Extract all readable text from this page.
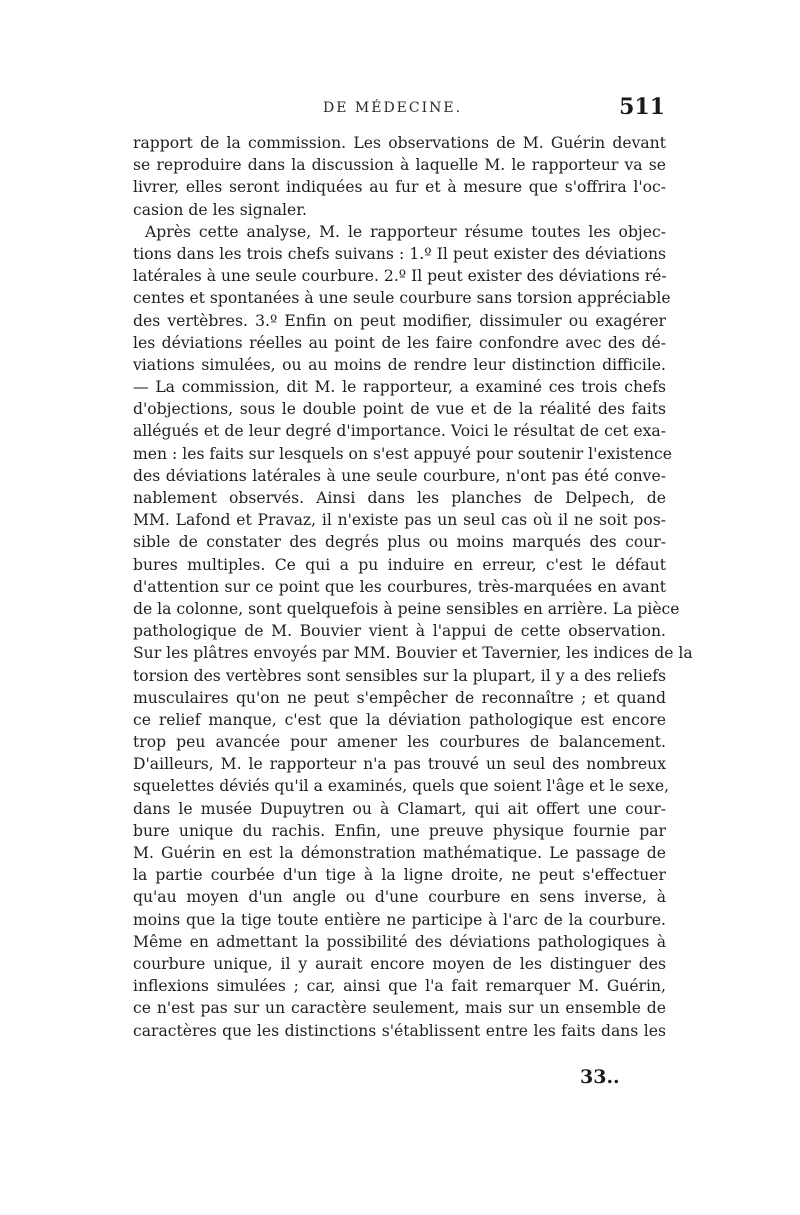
DE MÉDECINE.	511
rapport de la commission. Les observations de M. Guérin devant
se reproduire dans la discussion à laquelle M. le rapporteur va se
livrer, elles seront indiquées au fur et à mesure que s'offrira l'oc-
casion de les signaler.
Après cette analyse, M. le rapporteur résume toutes les objec-
tions dans les trois chefs suivans : 1.º Il peut exister des déviations
latérales à une seule courbure. 2.º Il peut exister des déviations ré-
centes et spontanées à une seule courbure sans torsion appréciable
des vertèbres. 3.º Enfin on peut modifier, dissimuler ou exagérer
les déviations réelles au point de les faire confondre avec des dé-
viations simulées, ou au moins de rendre leur distinction difficile.
— La commission, dit M. le rapporteur, a examiné ces trois chefs
d'objections, sous le double point de vue et de la réalité des faits
allégués et de leur degré d'importance. Voici le résultat de cet exa-
men : les faits sur lesquels on s'est appuyé pour soutenir l'existence
des déviations latérales à une seule courbure, n'ont pas été conve-
nablement observés. Ainsi dans les planches de Delpech, de
MM. Lafond et Pravaz, il n'existe pas un seul cas où il ne soit pos-
sible de constater des degrés plus ou moins marqués des cour-
bures multiples. Ce qui a pu induire en erreur, c'est le défaut
d'attention sur ce point que les courbures, très-marquées en avant
de la colonne, sont quelquefois à peine sensibles en arrière. La pièce
pathologique de M. Bouvier vient à l'appui de cette observation.
Sur les plâtres envoyés par MM. Bouvier et Tavernier, les indices de la
torsion des vertèbres sont sensibles sur la plupart, il y a des reliefs
musculaires qu'on ne peut s'empêcher de reconnaître ; et quand
ce relief manque, c'est que la déviation pathologique est encore
trop peu avancée pour amener les courbures de balancement.
D'ailleurs, M. le rapporteur n'a pas trouvé un seul des nombreux
squelettes déviés qu'il a examinés, quels que soient l'âge et le sexe,
dans le musée Dupuytren ou à Clamart, qui ait offert une cour-
bure unique du rachis. Enfin, une preuve physique fournie par
M. Guérin en est la démonstration mathématique. Le passage de
la partie courbée d'un tige à la ligne droite, ne peut s'effectuer
qu'au moyen d'un angle ou d'une courbure en sens inverse, à
moins que la tige toute entière ne participe à l'arc de la courbure.
Même en admettant la possibilité des déviations pathologiques à
courbure unique, il y aurait encore moyen de les distinguer des
inflexions simulées ; car, ainsi que l'a fait remarquer M. Guérin,
ce n'est pas sur un caractère seulement, mais sur un ensemble de
caractères que les distinctions s'établissent entre les faits dans les
33..
